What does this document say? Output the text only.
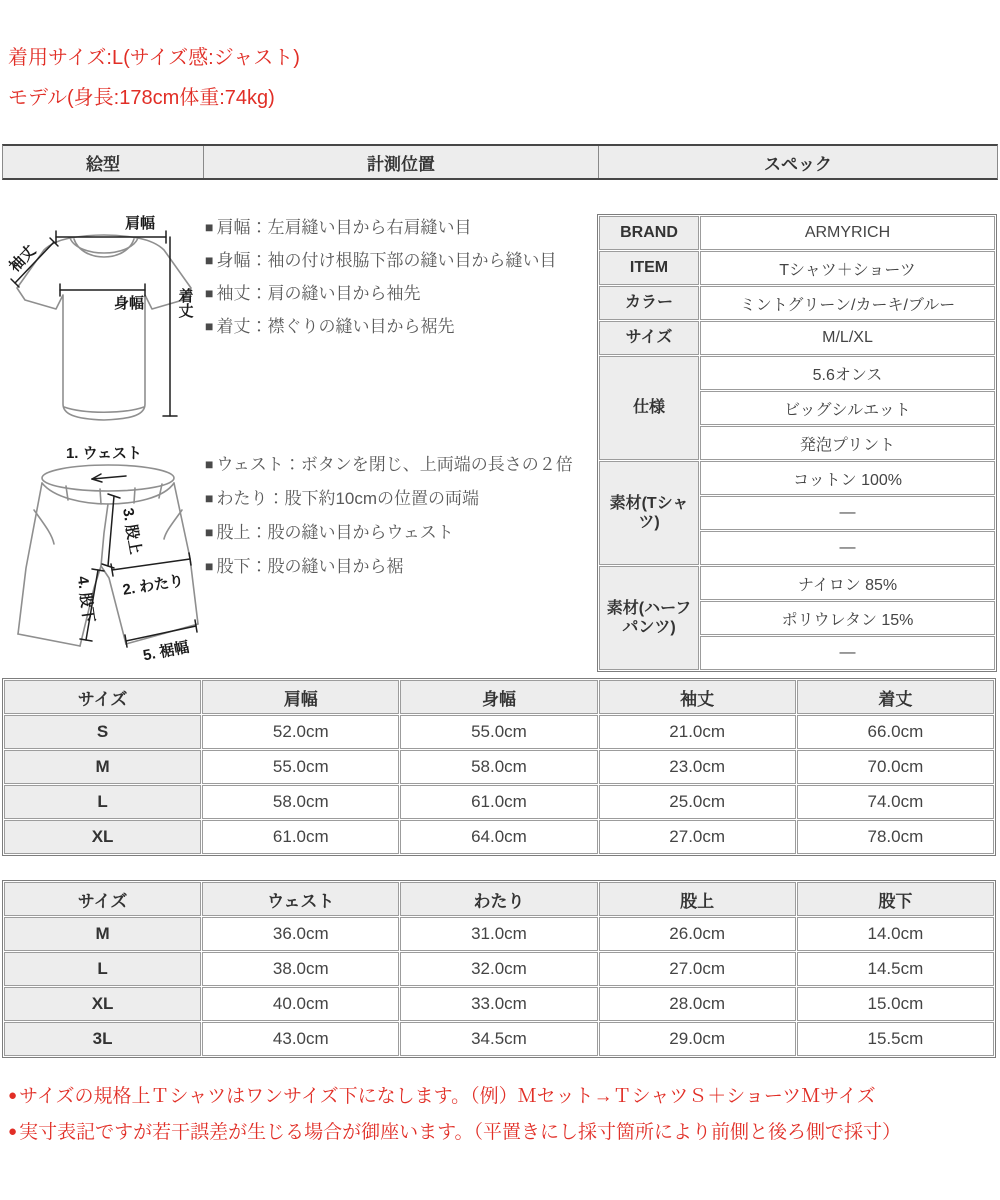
着用サイズ:L(サイズ感:ジャスト)
モデル(身長:178cm体重:74kg)
絵型	計測位置	スペック
肩幅
袖丈
身幅 着丈
1. ウェスト
3. 股上
2. わたり
4. 股下
5. 裾幅
■ 肩幅：左肩縫い目から右肩縫い目
■ 身幅：袖の付け根脇下部の縫い目から縫い目
■ 袖丈：肩の縫い目から袖先
■ 着丈：襟ぐりの縫い目から裾先
■ ウェスト：ボタンを閉じ、上両端の長さの２倍
■ わたり：股下約10cmの位置の両端
■ 股上：股の縫い目からウェスト
■ 股下：股の縫い目から裾
BRAND	ARMYRICH
ITEM	Tシャツ＋ショーツ
カラー	ミントグリーン/カーキ/ブルー
サイズ	M/L/XL
仕様	5.6オンス
	ビッグシルエット
	発泡プリント
素材(Tシャツ)	コットン 100%
	—
	—
素材(ハーフパンツ)	ナイロン 85%
	ポリウレタン 15%
	—
サイズ	肩幅	身幅	袖丈	着丈
S	52.0cm	55.0cm	21.0cm	66.0cm
M	55.0cm	58.0cm	23.0cm	70.0cm
L	58.0cm	61.0cm	25.0cm	74.0cm
XL	61.0cm	64.0cm	27.0cm	78.0cm
サイズ	ウェスト	わたり	股上	股下
M	36.0cm	31.0cm	26.0cm	14.0cm
L	38.0cm	32.0cm	27.0cm	14.5cm
XL	40.0cm	33.0cm	28.0cm	15.0cm
3L	43.0cm	34.5cm	29.0cm	15.5cm
● サイズの規格上Ｔシャツはワンサイズ下になします。（例）Ｍセット→ＴシャツＳ＋ショーツＭサイズ
● 実寸表記ですが若干誤差が生じる場合が御座います。（平置きにし採寸箇所により前側と後ろ側で採寸）
